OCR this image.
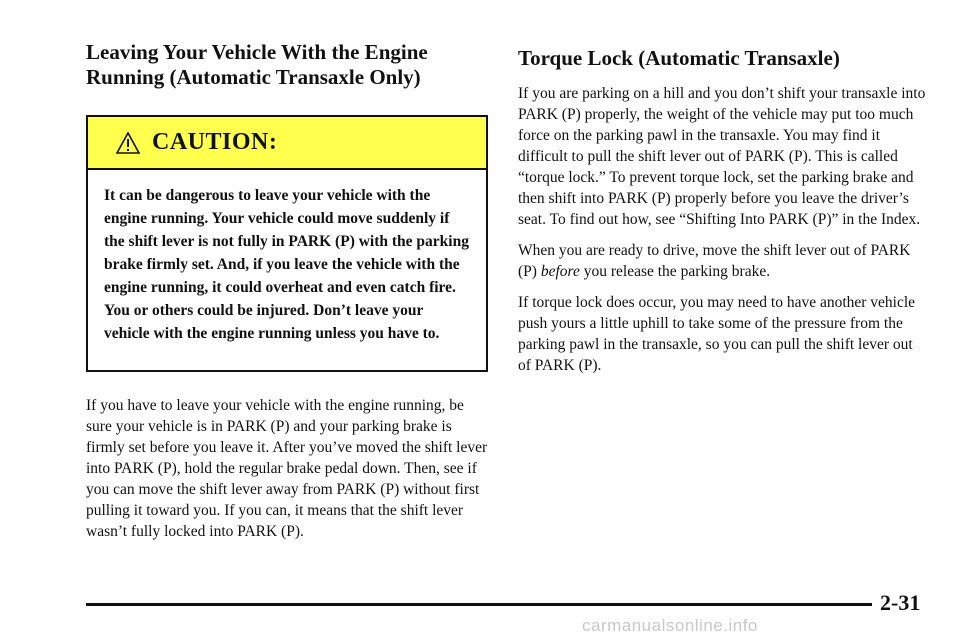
Leaving Your Vehicle With the Engine
Running (Automatic Transaxle Only)
CAUTION:
It can be dangerous to leave your vehicle with the engine running. Your vehicle could move suddenly if the shift lever is not fully in PARK (P) with the parking brake firmly set. And, if you leave the vehicle with the engine running, it could overheat and even catch fire. You or others could be injured. Don’t leave your vehicle with the engine running unless you have to.

If you have to leave your vehicle with the engine running, be sure your vehicle is in PARK (P) and your parking brake is firmly set before you leave it. After you’ve moved the shift lever into PARK (P), hold the regular brake pedal down. Then, see if you can move the shift lever away from PARK (P) without first pulling it toward you. If you can, it means that the shift lever wasn’t fully locked into PARK (P).

Torque Lock (Automatic Transaxle)

If you are parking on a hill and you don’t shift your transaxle into PARK (P) properly, the weight of the vehicle may put too much force on the parking pawl in the transaxle. You may find it difficult to pull the shift lever out of PARK (P). This is called “torque lock.” To prevent torque lock, set the parking brake and then shift into PARK (P) properly before you leave the driver’s seat. To find out how, see “Shifting Into PARK (P)” in the Index.

When you are ready to drive, move the shift lever out of PARK (P) before you release the parking brake.

If torque lock does occur, you may need to have another vehicle push yours a little uphill to take some of the pressure from the parking pawl in the transaxle, so you can pull the shift lever out of PARK (P).

2-31
carmanualsonline.info
